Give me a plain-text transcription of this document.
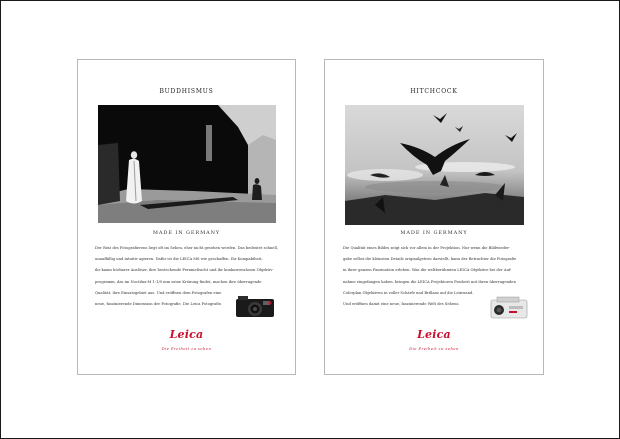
BUDDHISMUS
MADE IN GERMANY
Der Reiz des Fotografierens liegt oft im Sehen, eher nicht gesehen werden. Das bedeutet schnell,
unauffällig und intuitiv agieren. Dafür ist die LEICA M6 wie geschaffen. Ihr Kompaktheit,
ihr kaum hörbarer Auslöser, ihre bestechende Fernmeßsicht und ihr konkurrenzlosen Objektiv-
programm, das im Noctilux-M 1:1/0 mm seine Krönung findet, machen ihre überragende
Qualität, ihre Einsatzgebiet aus. Und eröffnen dem Fotografen eine
neue, faszinierende Dimension der Fotografie. Die Leica Fotografie.
Leica
Die Freiheit zu sehen
HITCHCOCK
MADE IN GERMANY
Die Qualität eines Bildes zeigt sich vor allem in der Projektion. Nur wenn die Bildwieder-
gabe selbst die kleinsten Details originalgetreu darstellt, kann der Betrachter die Fotografie
in ihrer ganzen Faszination erleben. Was die weltberühmten LEICA Objektive bei der Auf-
nahme eingefangen haben, bringen die LEICA Projektoren Pradovit mit ihren überragenden
Colorplan Objektiven in voller Schärfe und Brillanz auf die Leinwand.
Und eröffnen damit eine neue, faszinierende Welt des Sehens.
Leica
Die Freiheit zu sehen
